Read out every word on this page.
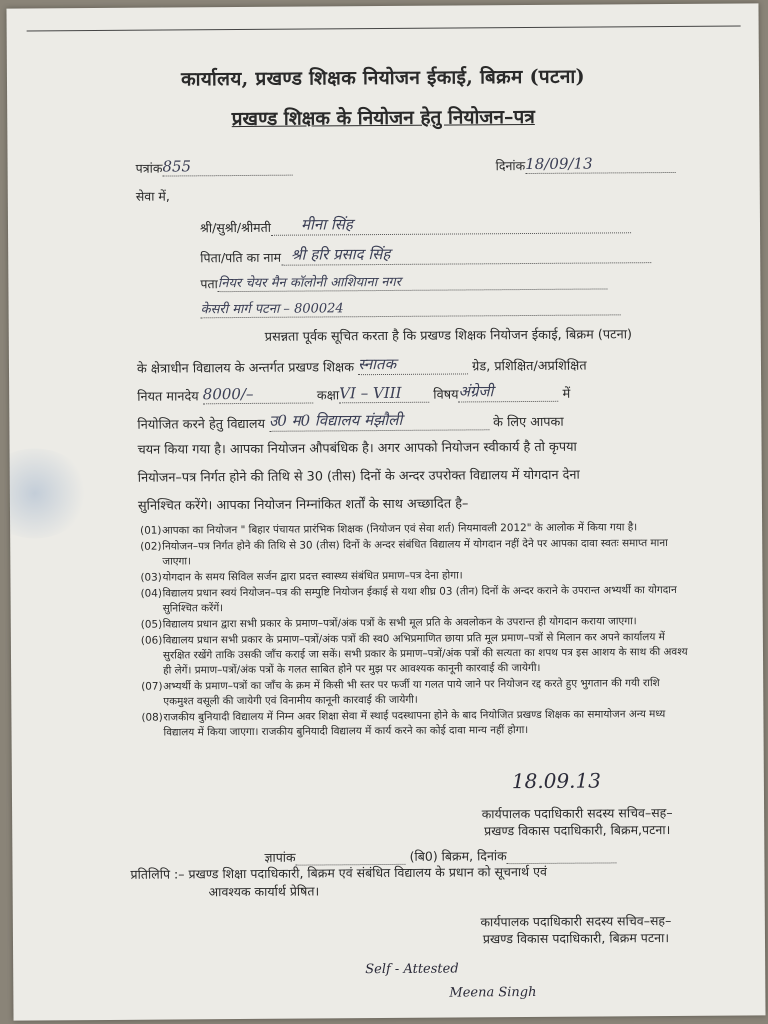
कार्यालय, प्रखण्ड शिक्षक नियोजन ईकाई, बिक्रम (पटना)
प्रखण्ड शिक्षक के नियोजन हेतु नियोजन–पत्र
पत्रांक855	दिनांक18/09/13
सेवा में,
श्री/सुश्री/श्रीमती मीना सिंह
पिता/पति का नाम श्री हरि प्रसाद सिंह
पतानियर चेयर मैन कॉलोनी आशियाना नगर
केसरी मार्ग पटना – 800024
प्रसन्नता पूर्वक सूचित करता है कि प्रखण्ड शिक्षक नियोजन ईकाई, बिक्रम (पटना)
के क्षेत्राधीन विद्यालय के अन्तर्गत प्रखण्ड शिक्षक स्नातक	ग्रेड, प्रशिक्षित/अप्रशिक्षित
नियत मानदेय 8000/–	कक्षाVI – VIII विषयअंग्रेजी	में
नियोजित करने हेतु विद्यालय उ0 म0 विद्यालय मंझौली	के लिए आपका
चयन किया गया है। आपका नियोजन औपबंधिक है। अगर आपको नियोजन स्वीकार्य है तो कृपया
नियोजन–पत्र निर्गत होने की तिथि से 30 (तीस) दिनों के अन्दर उपरोक्त विद्यालय में योगदान देना
सुनिश्चित करेंगे। आपका नियोजन निम्नांकित शर्तों के साथ अच्छादित है–
(01) आपका का नियोजन " बिहार पंचायत प्रारंभिक शिक्षक (नियोजन एवं सेवा शर्त) नियमावली 2012" के आलोक में किया गया है।
(02) नियोजन–पत्र निर्गत होने की तिथि से 30 (तीस) दिनों के अन्दर संबंधित विद्यालय में योगदान नहीं देने पर आपका दावा स्वतः समाप्त माना जाएगा।
(03) योगदान के समय सिविल सर्जन द्वारा प्रदत्त स्वास्थ्य संबंधित प्रमाण–पत्र देना होगा।
(04) विद्यालय प्रधान स्वयं नियोजन–पत्र की सम्पुष्टि नियोजन ईकाई से यथा शीघ्र 03 (तीन) दिनों के अन्दर कराने के उपरान्त अभ्यर्थी का योगदान सुनिश्चित करेंगें।
(05) विद्यालय प्रधान द्वारा सभी प्रकार के प्रमाण–पत्रों/अंक पत्रों के सभी मूल प्रति के अवलोकन के उपरान्त ही योगदान कराया जाएगा।
(06) विद्यालय प्रधान सभी प्रकार के प्रमाण–पत्रों/अंक पत्रों की स्व0 अभिप्रमाणित छाया प्रति मूल प्रमाण–पत्रों से मिलान कर अपने कार्यालय में सुरक्षित रखेंगे ताकि उसकी जाँच कराई जा सकें। सभी प्रकार के प्रमाण–पत्रों/अंक पत्रों की सत्यता का शपथ पत्र इस आशय के साथ की अवश्य ही लेगें। प्रमाण–पत्रों/अंक पत्रों के गलत साबित होने पर मुझ पर आवश्यक कानूनी कारवाई की जायेगी।
(07) अभ्यर्थी के प्रमाण–पत्रों का जाँच के क्रम में किसी भी स्तर पर फर्जी या गलत पाये जाने पर नियोजन रद्द करते हुए भुगतान की गयी राशि एकमुश्त वसूली की जायेगी एवं विनामीय कानूनी कारवाई की जायेगी।
(08) राजकीय बुनियादी विद्यालय में निम्न अवर शिक्षा सेवा में स्थाई पदस्थापना होने के बाद नियोजित प्रखण्ड शिक्षक का समायोजन अन्य मध्य विद्यालय में किया जाएगा। राजकीय बुनियादी विद्यालय में कार्य करने का कोई दावा मान्य नहीं होगा।
18.09.13
कार्यपालक पदाधिकारी सदस्य सचिव–सह–
प्रखण्ड विकास पदाधिकारी, बिक्रम,पटना।
ज्ञापांक	(बि0) बिक्रम, दिनांक
प्रतिलिपि :– प्रखण्ड शिक्षा पदाधिकारी, बिक्रम एवं संबंधित विद्यालय के प्रधान को सूचनार्थ एवं
आवश्यक कार्यार्थ प्रेषित।
कार्यपालक पदाधिकारी सदस्य सचिव–सह–
प्रखण्ड विकास पदाधिकारी, बिक्रम पटना।
Self - Attested
Meena Singh
